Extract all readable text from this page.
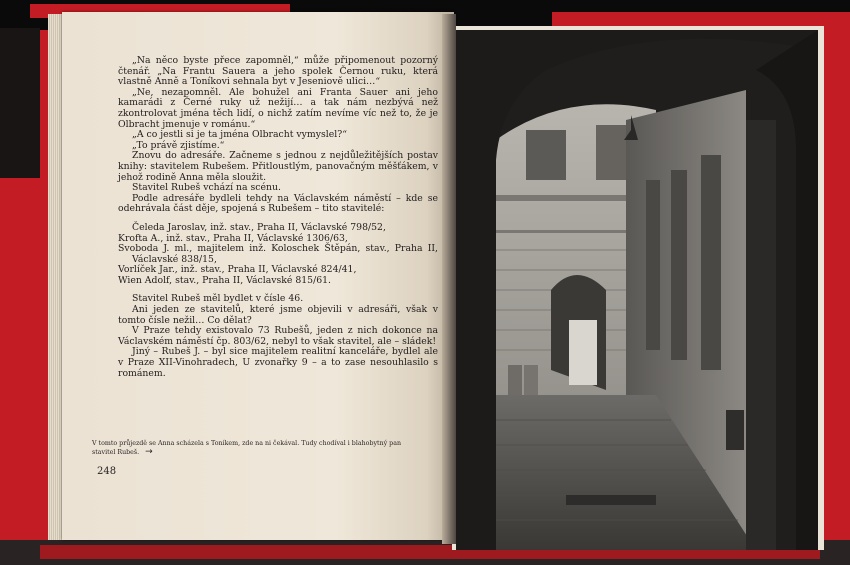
„Na něco byste přece zapomněl,“ může připomenout pozorný čtenář. „Na Frantu Sauera a jeho spolek Černou ruku, která vlastně Anně a Toníkovi sehnala byt v Jeseniově ulici…“

„Ne, nezapomněl. Ale bohužel ani Franta Sauer ani jeho kamarádi z Černé ruky už nežijí… a tak nám nezbývá než zkontrolovat jména těch lidí, o nichž zatím nevíme víc než to, že je Olbracht jmenuje v románu.“

„A co jestli si je ta jména Olbracht vymyslel?“

„To právě zjistíme.“

Znovu do adresáře. Začneme s jednou z nejdůležitějších postav knihy: stavitelem Rubešem. Přitloustlým, panovačným měšťákem, v jehož rodině Anna měla sloužit.

Stavitel Rubeš vchází na scénu.

Podle adresáře bydleli tehdy na Václavském náměstí – kde se odehrávala část děje, spojená s Rubešem – tito stavitelé:

Čeleda Jaroslav, inž. stav., Praha II, Václavské 798/52,

Krofta A., inž. stav., Praha II, Václavské 1306/63,

Svoboda J. ml., majitelem inž. Koloschek Štěpán, stav., Praha II, Václavské 838/15,

Vorlíček Jar., inž. stav., Praha II, Václavské 824/41,

Wien Adolf, stav., Praha II, Václavské 815/61.

Stavitel Rubeš měl bydlet v čísle 46.

Ani jeden ze stavitelů, které jsme objevili v adresáři, však v tomto čísle nežil… Co dělat?

V Praze tehdy existovalo 73 Rubešů, jeden z nich dokonce na Václavském náměstí čp. 803/62, nebyl to však stavitel, ale – sládek!

Jiný – Rubeš J. – byl sice majitelem realitní kanceláře, bydlel ale v Praze XII-Vinohradech, U zvonařky 9 – a to zase nesouhlasilo s románem.

V tomto průjezdě se Anna scházela s Toníkem, zde na ni čekával. Tudy chodíval i blahobytný pan stavitel Rubeš. →
248
